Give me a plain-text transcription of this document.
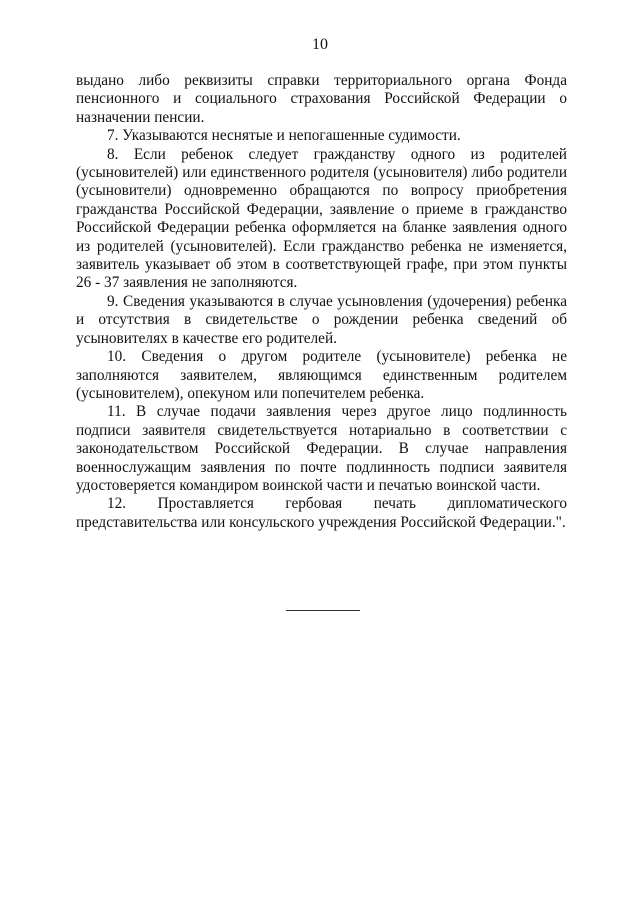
10

выдано либо реквизиты справки территориального органа Фонда пенсионного и социального страхования Российской Федерации о назначении пенсии.

7. Указываются неснятые и непогашенные судимости.

8. Если ребенок следует гражданству одного из родителей (усыновителей) или единственного родителя (усыновителя) либо родители (усыновители) одновременно обращаются по вопросу приобретения гражданства Российской Федерации, заявление о приеме в гражданство Российской Федерации ребенка оформляется на бланке заявления одного из родителей (усыновителей). Если гражданство ребенка не изменяется, заявитель указывает об этом в соответствующей графе, при этом пункты 26 - 37 заявления не заполняются.

9. Сведения указываются в случае усыновления (удочерения) ребенка и отсутствия в свидетельстве о рождении ребенка сведений об усыновителях в качестве его родителей.

10. Сведения о другом родителе (усыновителе) ребенка не заполняются заявителем, являющимся единственным родителем (усыновителем), опекуном или попечителем ребенка.

11. В случае подачи заявления через другое лицо подлинность подписи заявителя свидетельствуется нотариально в соответствии с законодательством Российской Федерации. В случае направления военнослужащим заявления по почте подлинность подписи заявителя удостоверяется командиром воинской части и печатью воинской части.

12. Проставляется гербовая печать дипломатического представительства или консульского учреждения Российской Федерации.".
